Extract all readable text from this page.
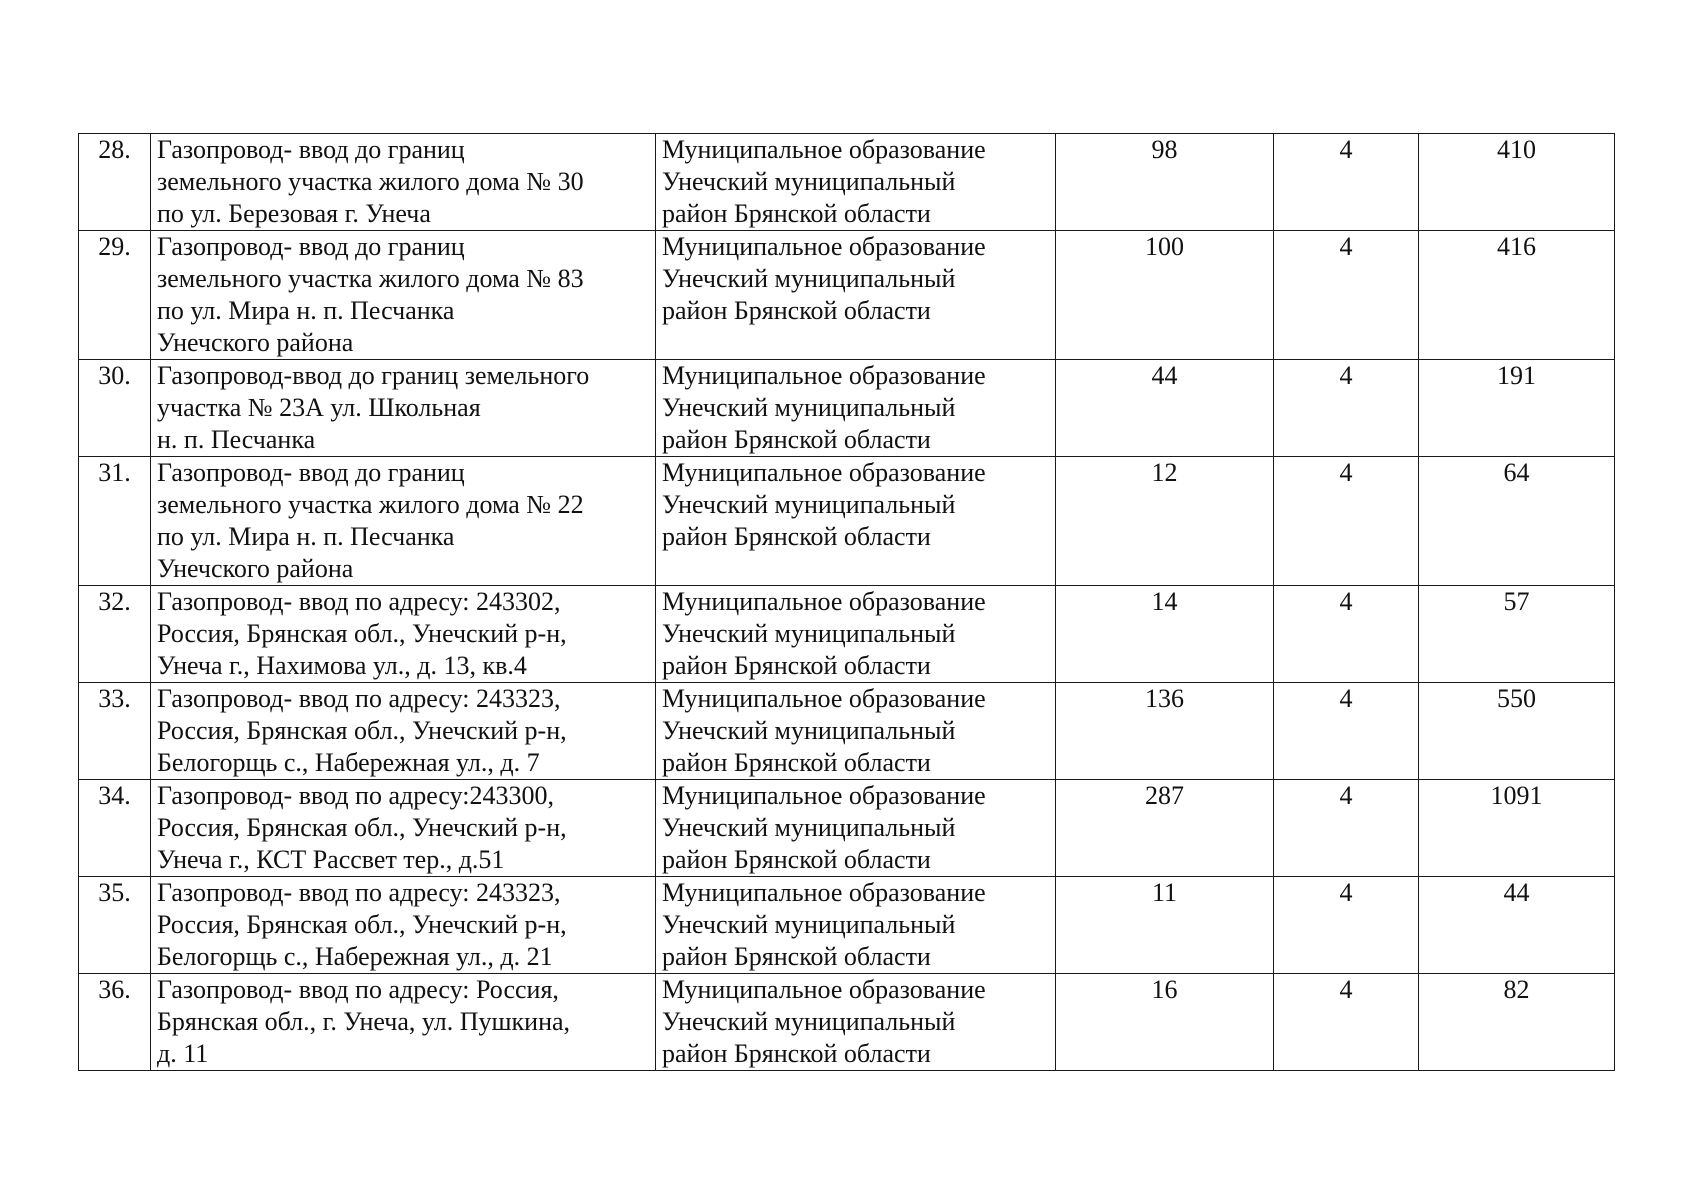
28.	Газопровод- ввод до границ
земельного участка жилого дома № 30
по ул. Березовая г. Унеча	Муниципальное образование
Унечский муниципальный
район Брянской области	98	4	410

29.	Газопровод- ввод до границ
земельного участка жилого дома № 83
по ул. Мира н. п. Песчанка
Унечского района	Муниципальное образование
Унечский муниципальный
район Брянской области	100	4	416

30.	Газопровод-ввод до границ земельного
участка № 23А ул. Школьная
н. п. Песчанка	Муниципальное образование
Унечский муниципальный
район Брянской области	44	4	191

31.	Газопровод- ввод до границ
земельного участка жилого дома № 22
по ул. Мира н. п. Песчанка
Унечского района	Муниципальное образование
Унечский муниципальный
район Брянской области	12	4	64

32.	Газопровод- ввод по адресу: 243302,
Россия, Брянская обл., Унечский р-н,
Унеча г., Нахимова ул., д. 13, кв.4	Муниципальное образование
Унечский муниципальный
район Брянской области	14	4	57

33.	Газопровод- ввод по адресу: 243323,
Россия, Брянская обл., Унечский р-н,
Белогорщь с., Набережная ул., д. 7	Муниципальное образование
Унечский муниципальный
район Брянской области	136	4	550

34.	Газопровод- ввод по адресу:243300,
Россия, Брянская обл., Унечский р-н,
Унеча г., КСТ Рассвет тер., д.51	Муниципальное образование
Унечский муниципальный
район Брянской области	287	4	1091

35.	Газопровод- ввод по адресу: 243323,
Россия, Брянская обл., Унечский р-н,
Белогорщь с., Набережная ул., д. 21	Муниципальное образование
Унечский муниципальный
район Брянской области	11	4	44

36.	Газопровод- ввод по адресу: Россия,
Брянская обл., г. Унеча, ул. Пушкина,
д. 11	Муниципальное образование
Унечский муниципальный
район Брянской области	16	4	82
